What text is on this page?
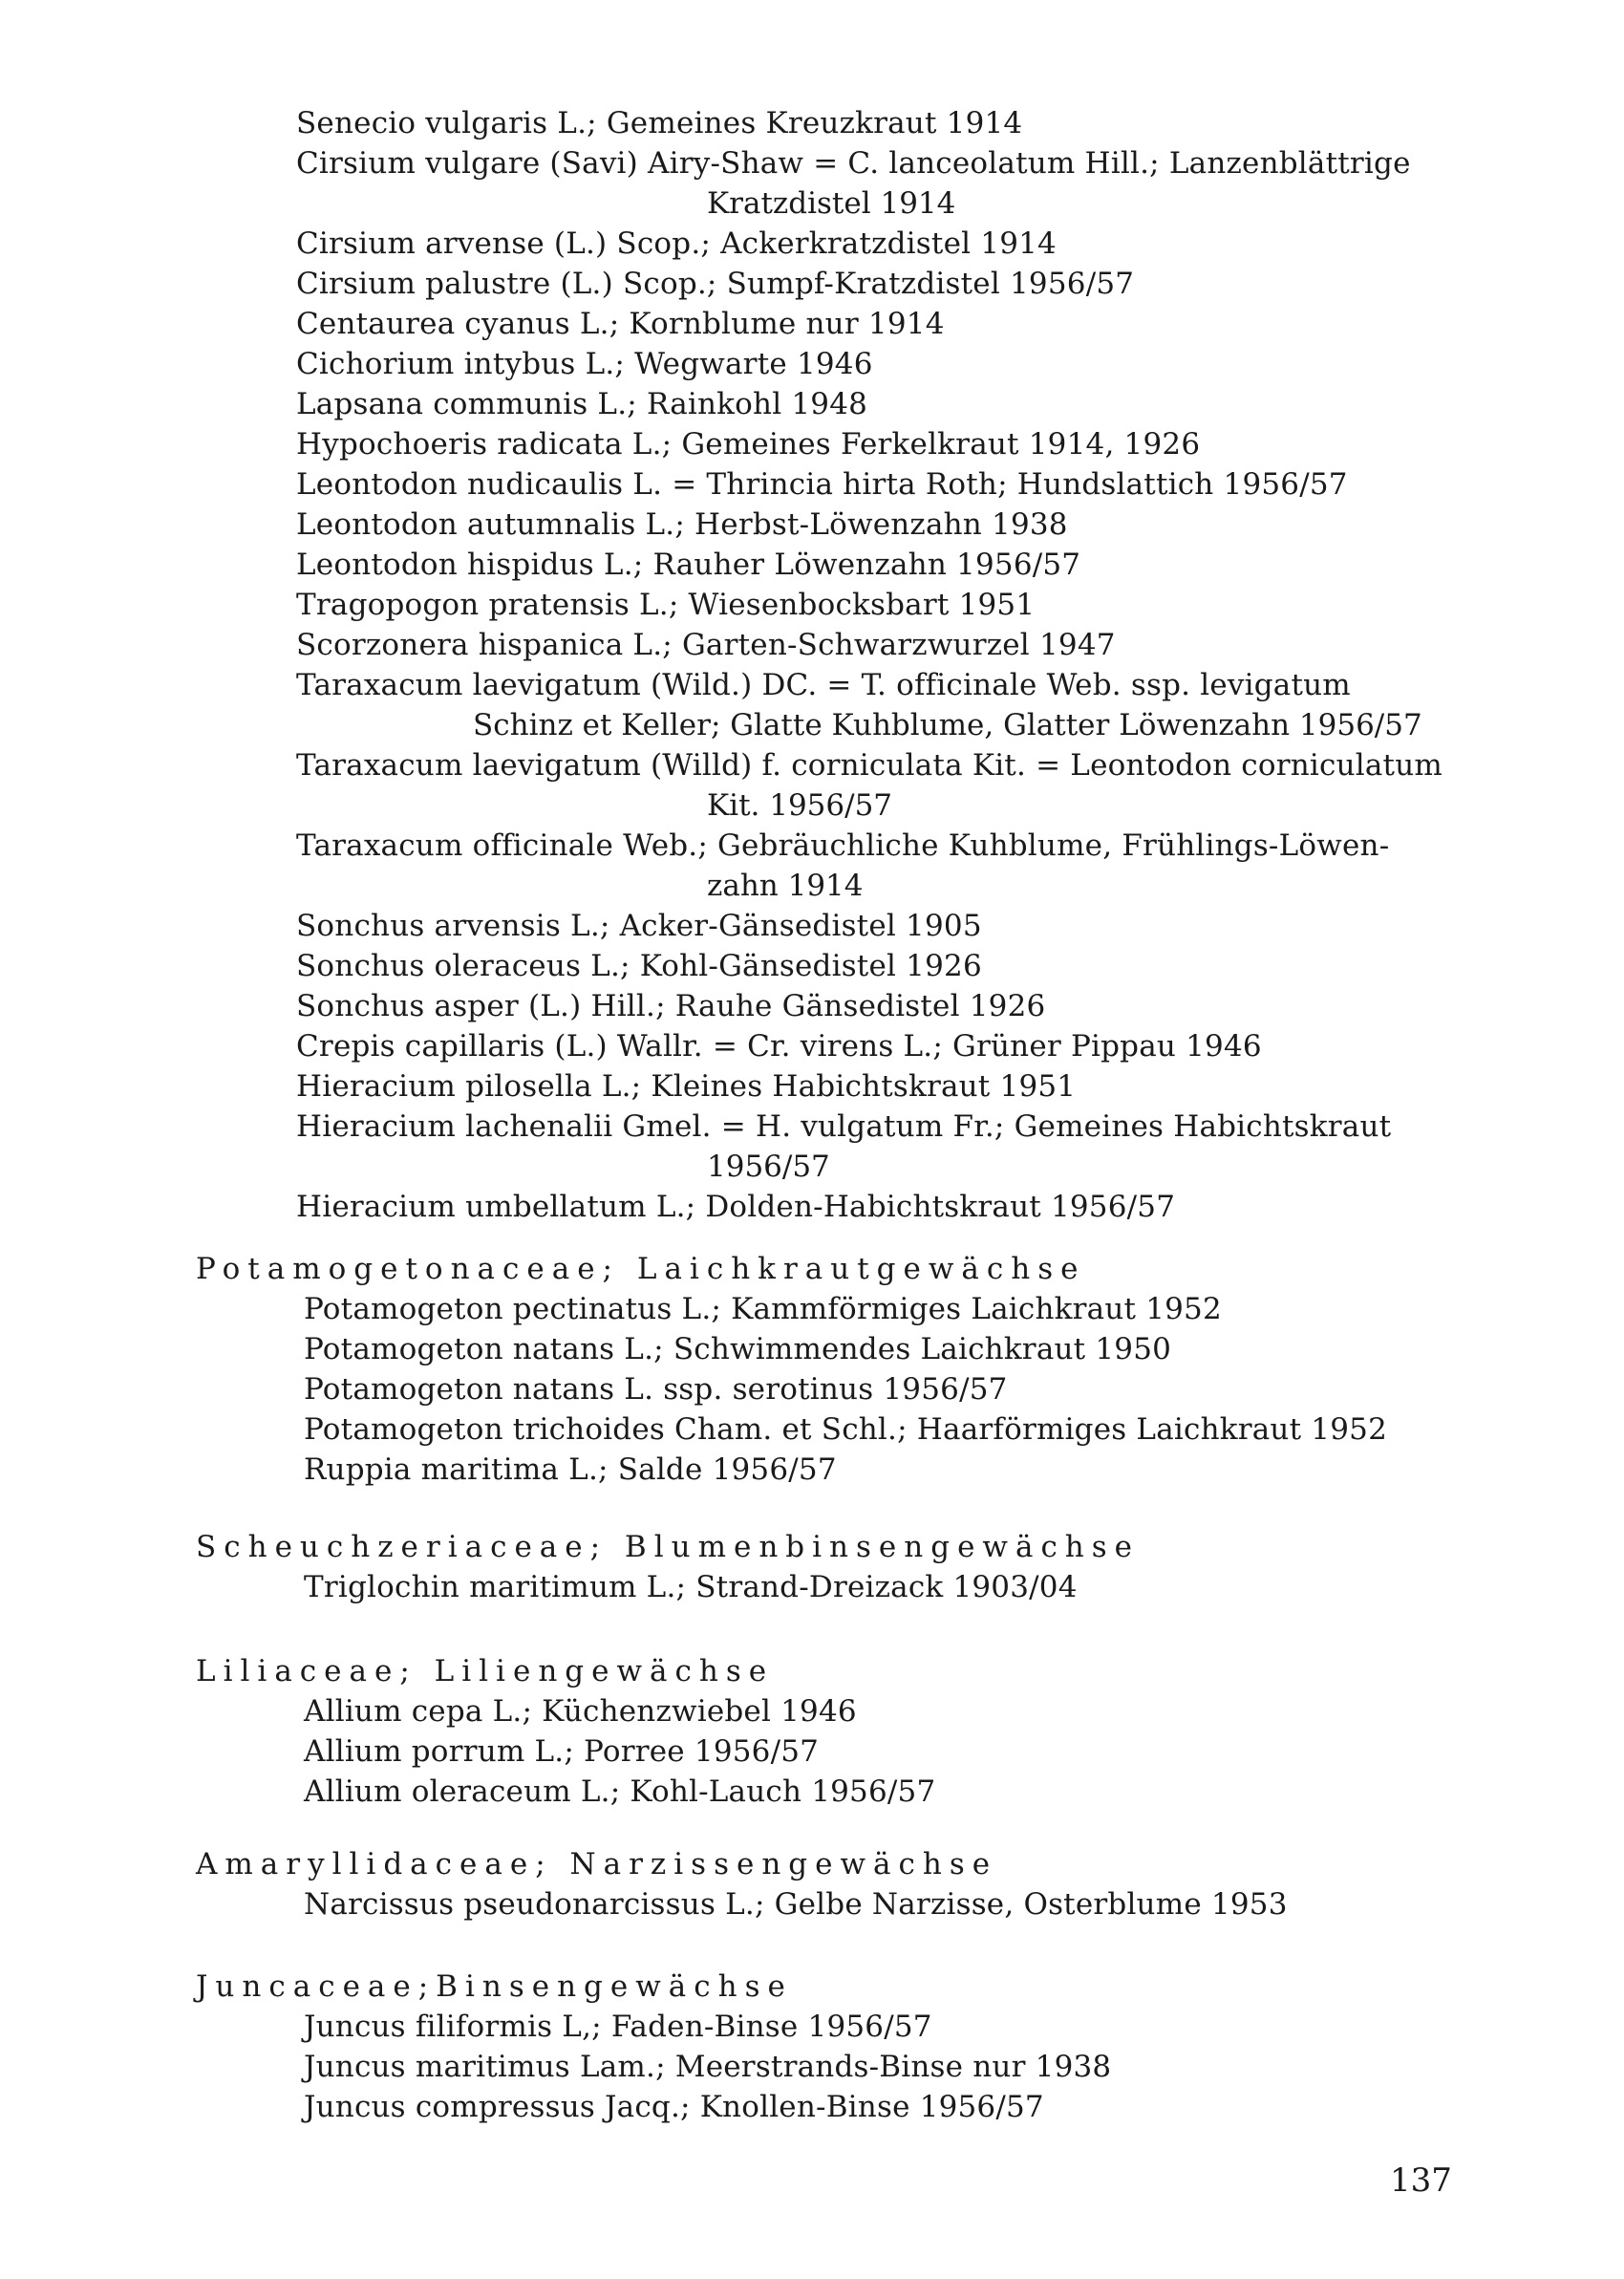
Senecio vulgaris L.; Gemeines Kreuzkraut 1914
Cirsium vulgare (Savi) Airy-Shaw = C. lanceolatum Hill.; Lanzenblättrige
Kratzdistel 1914
Cirsium arvense (L.) Scop.; Ackerkratzdistel 1914
Cirsium palustre (L.) Scop.; Sumpf-Kratzdistel 1956/57
Centaurea cyanus L.; Kornblume nur 1914
Cichorium intybus L.; Wegwarte 1946
Lapsana communis L.; Rainkohl 1948
Hypochoeris radicata L.; Gemeines Ferkelkraut 1914, 1926
Leontodon nudicaulis L. = Thrincia hirta Roth; Hundslattich 1956/57
Leontodon autumnalis L.; Herbst-Löwenzahn 1938
Leontodon hispidus L.; Rauher Löwenzahn 1956/57
Tragopogon pratensis L.; Wiesenbocksbart 1951
Scorzonera hispanica L.; Garten-Schwarzwurzel 1947
Taraxacum laevigatum (Wild.) DC. = T. officinale Web. ssp. levigatum
Schinz et Keller; Glatte Kuhblume, Glatter Löwenzahn 1956/57
Taraxacum laevigatum (Willd) f. corniculata Kit. = Leontodon corniculatum
Kit. 1956/57
Taraxacum officinale Web.; Gebräuchliche Kuhblume, Frühlings-Löwen-
zahn 1914
Sonchus arvensis L.; Acker-Gänsedistel 1905
Sonchus oleraceus L.; Kohl-Gänsedistel 1926
Sonchus asper (L.) Hill.; Rauhe Gänsedistel 1926
Crepis capillaris (L.) Wallr. = Cr. virens L.; Grüner Pippau 1946
Hieracium pilosella L.; Kleines Habichtskraut 1951
Hieracium lachenalii Gmel. = H. vulgatum Fr.; Gemeines Habichtskraut
1956/57
Hieracium umbellatum L.; Dolden-Habichtskraut 1956/57
Potamogetonaceae; Laichkrautgewächse
Potamogeton pectinatus L.; Kammförmiges Laichkraut 1952
Potamogeton natans L.; Schwimmendes Laichkraut 1950
Potamogeton natans L. ssp. serotinus 1956/57
Potamogeton trichoides Cham. et Schl.; Haarförmiges Laichkraut 1952
Ruppia maritima L.; Salde 1956/57
Scheuchzeriaceae; Blumenbinsengewächse
Triglochin maritimum L.; Strand-Dreizack 1903/04
Liliaceae; Liliengewächse
Allium cepa L.; Küchenzwiebel 1946
Allium porrum L.; Porree 1956/57
Allium oleraceum L.; Kohl-Lauch 1956/57
Amaryllidaceae; Narzissengewächse
Narcissus pseudonarcissus L.; Gelbe Narzisse, Osterblume 1953
Juncaceae;Binsengewächse
Juncus filiformis L,; Faden-Binse 1956/57
Juncus maritimus Lam.; Meerstrands-Binse nur 1938
Juncus compressus Jacq.; Knollen-Binse 1956/57
137
